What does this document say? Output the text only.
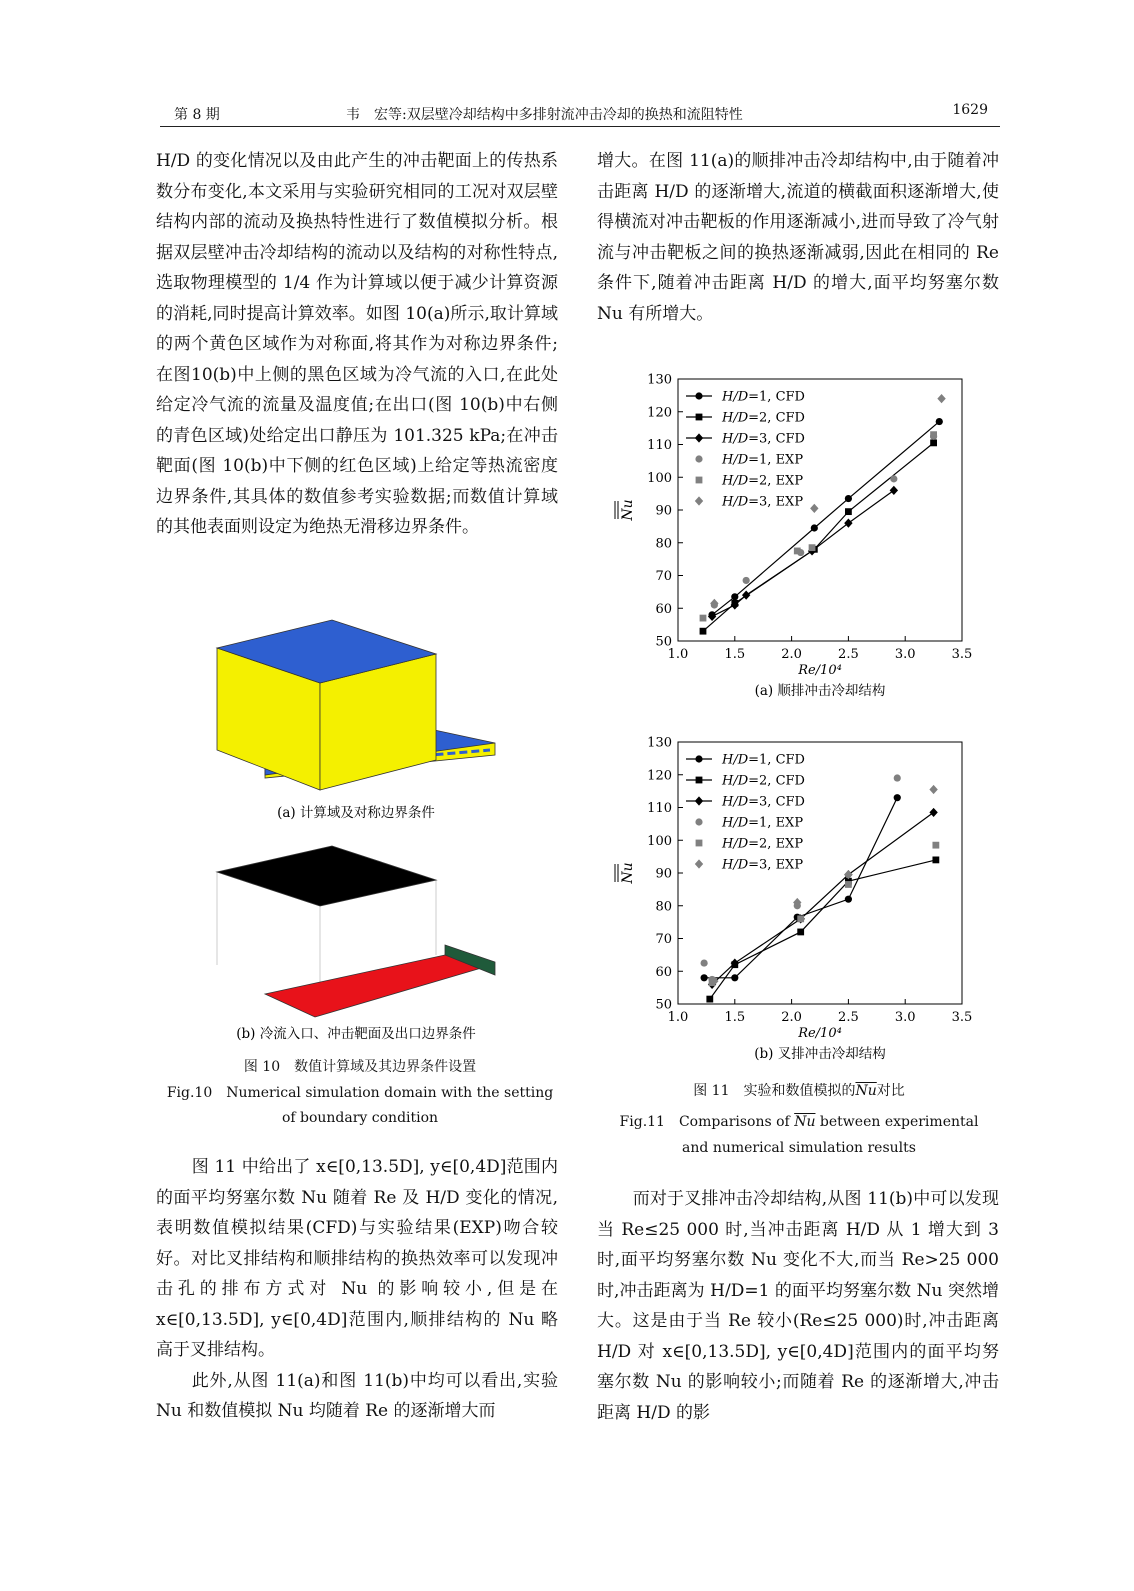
第 8 期	韦　宏等:双层壁冷却结构中多排射流冲击冷却的换热和流阻特性	1629

H/D 的变化情况以及由此产生的冲击靶面上的传热系数分布变化,本文采用与实验研究相同的工况对双层壁结构内部的流动及换热特性进行了数值模拟分析。根据双层壁冲击冷却结构的流动以及结构的对称性特点,选取物理模型的 1/4 作为计算域以便于减少计算资源的消耗,同时提高计算效率。如图 10(a)所示,取计算域的两个黄色区域作为对称面,将其作为对称边界条件;在图10(b)中上侧的黑色区域为冷气流的入口,在此处给定冷气流的流量及温度值;在出口(图 10(b)中右侧的青色区域)处给定出口静压为 101.325 kPa;在冲击靶面(图 10(b)中下侧的红色区域)上给定等热流密度边界条件,其具体的数值参考实验数据;而数值计算域的其他表面则设定为绝热无滑移边界条件。

(a) 计算域及对称边界条件
(b) 冷流入口、冲击靶面及出口边界条件
图 10　数值计算域及其边界条件设置
Fig.10　Numerical simulation domain with the setting
of boundary condition

图 11 中给出了 x∈[0,13.5D], y∈[0,4D]范围内的面平均努塞尔数 Nu 随着 Re 及 H/D 变化的情况,表明数值模拟结果(CFD)与实验结果(EXP)吻合较好。对比叉排结构和顺排结构的换热效率可以发现冲击孔的排布方式对 Nu 的影响较小,但是在 x∈[0,13.5D], y∈[0,4D]范围内,顺排结构的 Nu 略高于叉排结构。

此外,从图 11(a)和图 11(b)中均可以看出,实验 Nu 和数值模拟 Nu 均随着 Re 的逐渐增大而

增大。在图 11(a)的顺排冲击冷却结构中,由于随着冲击距离 H/D 的逐渐增大,流道的横截面积逐渐增大,使得横流对冲击靶板的作用逐渐减小,进而导致了冷气射流与冲击靶板之间的换热逐渐减弱,因此在相同的 Re 条件下,随着冲击距离 H/D 的增大,面平均努塞尔数 Nu 有所增大。

1.0	1.5	2.0	2.5	3.0	3.5
50
60
70
80
90
100
110
120
130
Re/10⁴
Nu
H/D=1, CFD
H/D=2, CFD
H/D=3, CFD
H/D=1, EXP
H/D=2, EXP
H/D=3, EXP
(a) 顺排冲击冷却结构
1.0	1.5	2.0	2.5	3.0	3.5
50
60
70
80
90
100
110
120
130
Re/10⁴
Nu
H/D=1, CFD
H/D=2, CFD
H/D=3, CFD
H/D=1, EXP
H/D=2, EXP
H/D=3, EXP
(b) 叉排冲击冷却结构
图 11　实验和数值模拟的$\overline{Nu}$对比
Fig.11　Comparisons of $\overline{Nu}$ between experimental
and numerical simulation results

而对于叉排冲击冷却结构,从图 11(b)中可以发现当 Re≤25 000 时,当冲击距离 H/D 从 1 增大到 3 时,面平均努塞尔数 Nu 变化不大,而当 Re>25 000 时,冲击距离为 H/D=1 的面平均努塞尔数 Nu 突然增大。这是由于当 Re 较小(Re≤25 000)时,冲击距离 H/D 对 x∈[0,13.5D], y∈[0,4D]范围内的面平均努塞尔数 Nu 的影响较小;而随着 Re 的逐渐增大,冲击距离 H/D 的影
